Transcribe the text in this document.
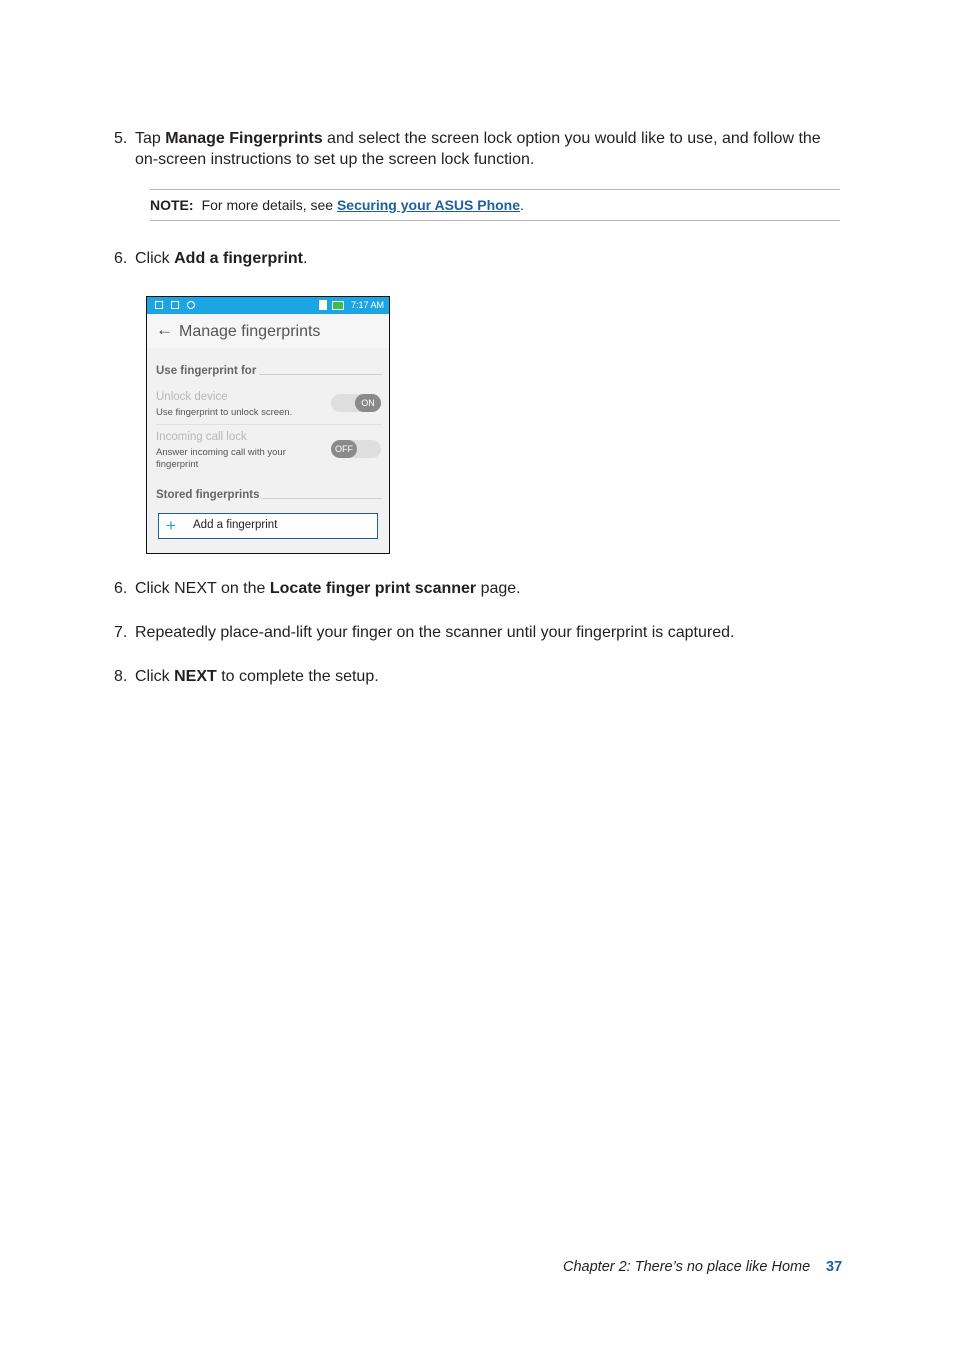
5. Tap Manage Fingerprints and select the screen lock option you would like to use, and follow the on-screen instructions to set up the screen lock function.
NOTE: For more details, see Securing your ASUS Phone.
6. Click Add a fingerprint.
7:17 AM
← Manage fingerprints
Use fingerprint for
Unlock device
Use fingerprint to unlock screen.
ON
Incoming call lock
Answer incoming call with your fingerprint
OFF
Stored fingerprints
+ Add a fingerprint
6. Click NEXT on the Locate finger print scanner page.
7. Repeatedly place-and-lift your finger on the scanner until your fingerprint is captured.
8. Click NEXT to complete the setup.
Chapter 2: There’s no place like Home 37
